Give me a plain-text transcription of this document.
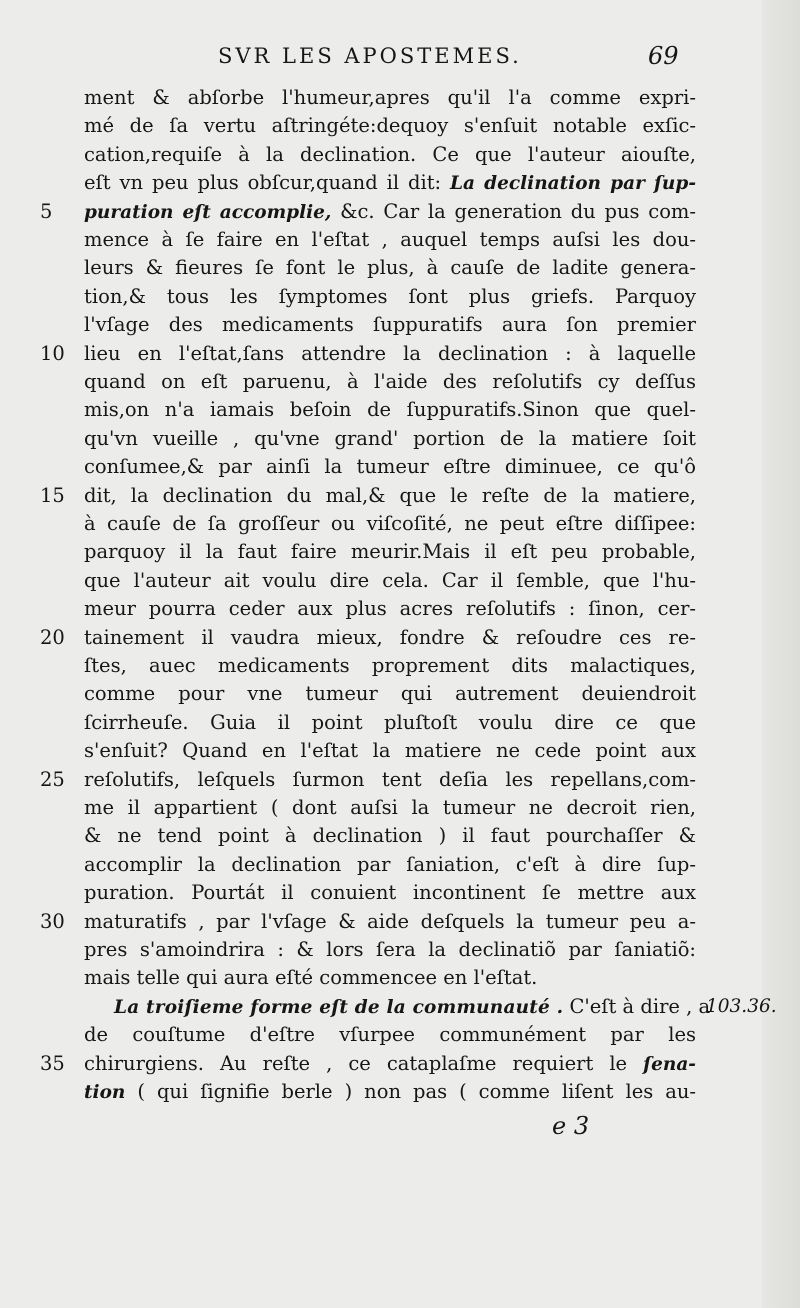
SVR LES APOSTEMES.	69
ment & abſorbe l'humeur,apres qu'il l'a comme expri-
mé de ſa vertu aſtringéte:dequoy s'enſuit notable exſic-
cation,requiſe à la declination. Ce que l'auteur aiouſte,
eſt vn peu plus obſcur,quand il dit: La declination par ſup-
puration eſt accomplie, &c. Car la generation du pus com-
mence à ſe faire en l'eſtat , auquel temps auſsi les dou-
leurs & fieures ſe font le plus, à cauſe de ladite genera-
tion,& tous les ſymptomes ſont plus griefs. Parquoy
l'vſage des medicaments ſuppuratifs aura ſon premier
lieu en l'eſtat,ſans attendre la declination : à laquelle
quand on eſt paruenu, à l'aide des reſolutifs cy deſſus
mis,on n'a iamais beſoin de ſuppuratifs.Sinon que quel-
qu'vn vueille , qu'vne grand' portion de la matiere ſoit
conſumee,& par ainſi la tumeur eſtre diminuee, ce qu'ô
dit, la declination du mal,& que le reſte de la matiere,
à cauſe de ſa groſſeur ou viſcoſité, ne peut eſtre diſſipee:
parquoy il la faut faire meurir.Mais il eſt peu probable,
que l'auteur ait voulu dire cela. Car il ſemble, que l'hu-
meur pourra ceder aux plus acres reſolutifs : ſinon, cer-
tainement il vaudra mieux, fondre & reſoudre ces re-
ſtes, auec medicaments proprement dits malactiques,
comme pour vne tumeur qui autrement deuiendroit
ſcirrheuſe. Guia il point pluſtoſt voulu dire ce que
s'enſuit? Quand en l'eſtat la matiere ne cede point aux
reſolutifs, leſquels ſurmon tent deſia les repellans,com-
me il appartient ( dont auſsi la tumeur ne decroit rien,
& ne tend point à declination ) il faut pourchaſſer &
accomplir la declination par ſaniation, c'eſt à dire ſup-
puration. Pourtát il conuient incontinent ſe mettre aux
maturatifs , par l'vſage & aide deſquels la tumeur peu a-
pres s'amoindrira : & lors ſera la declinatiõ par ſaniatiõ:
mais telle qui aura eſté commencee en l'eſtat.
La troiſieme forme eſt de la communauté . C'eſt à dire , a
de couſtume d'eſtre vſurpee communément par les
chirurgiens. Au reſte , ce cataplaſme requiert le ſena-
tion ( qui ſignifie berle ) non pas ( comme liſent les au-
5
10
15
20
25
30
35
103.36.
e 3
